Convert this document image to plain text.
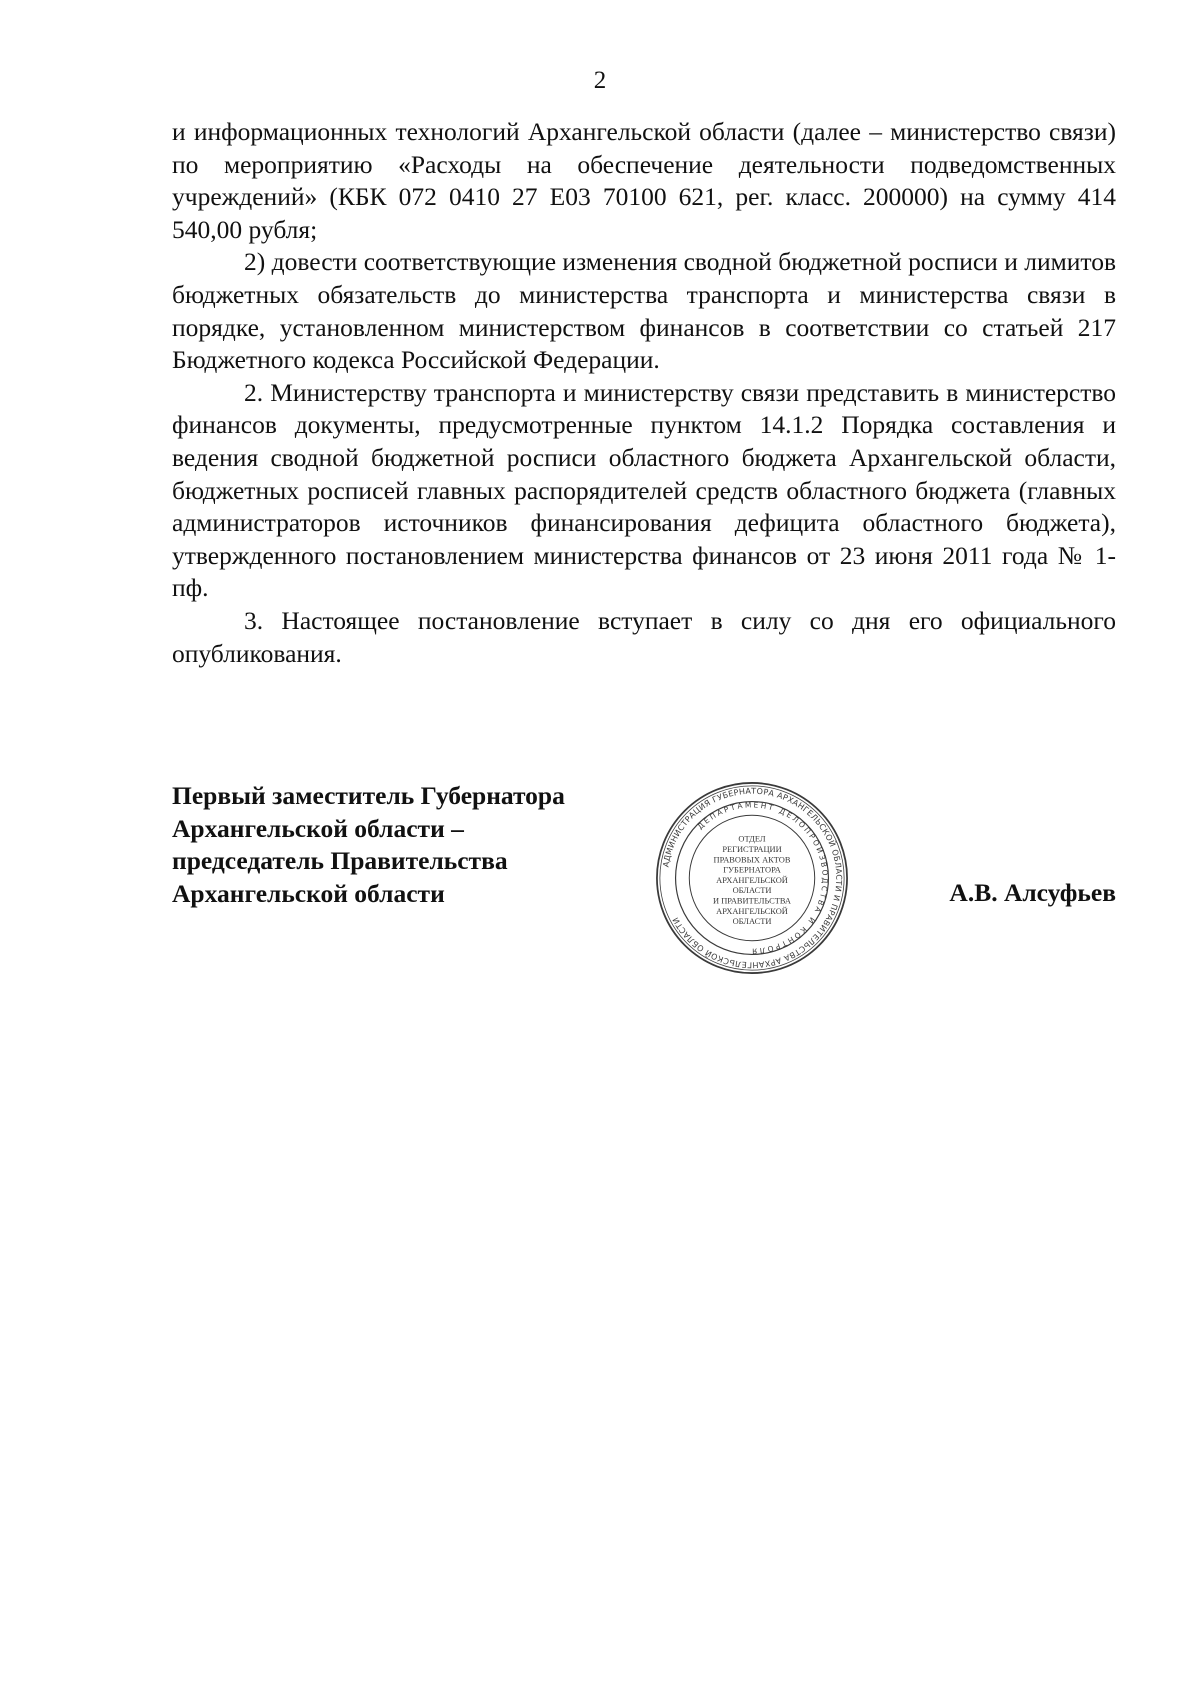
2

и информационных технологий Архангельской области (далее – министерство связи) по мероприятию «Расходы на обеспечение деятельности подведомственных учреждений» (КБК 072 0410 27 Е03 70100 621, рег. класс. 200000) на сумму 414 540,00 рубля;

2) довести соответствующие изменения сводной бюджетной росписи и лимитов бюджетных обязательств до министерства транспорта и министерства связи в порядке, установленном министерством финансов в соответствии со статьей 217 Бюджетного кодекса Российской Федерации.

2. Министерству транспорта и министерству связи представить в министерство финансов документы, предусмотренные пунктом 14.1.2 Порядка составления и ведения сводной бюджетной росписи областного бюджета Архангельской области, бюджетных росписей главных распорядителей средств областного бюджета (главных администраторов источников финансирования дефицита областного бюджета), утвержденного постановлением министерства финансов от 23 июня 2011 года № 1-пф.

3. Настоящее постановление вступает в силу со дня его официального опубликования.

Первый заместитель Губернатора
Архангельской области –
председатель Правительства
Архангельской области
АДМИНИСТРАЦИЯ ГУБЕРНАТОРА АРХАНГЕЛЬСКОЙ ОБЛАСТИ И ПРАВИТЕЛЬСТВА АРХАНГЕЛЬСКОЙ ОБЛАСТИ
ДЕПАРТАМЕНТ ДЕЛОПРОИЗВОДСТВА И КОНТРОЛЯ
ОТДЕЛ
РЕГИСТРАЦИИ
ПРАВОВЫХ АКТОВ
ГУБЕРНАТОРА
АРХАНГЕЛЬСКОЙ
ОБЛАСТИ
И ПРАВИТЕЛЬСТВА
АРХАНГЕЛЬСКОЙ
ОБЛАСТИ
А.В. Алсуфьев
